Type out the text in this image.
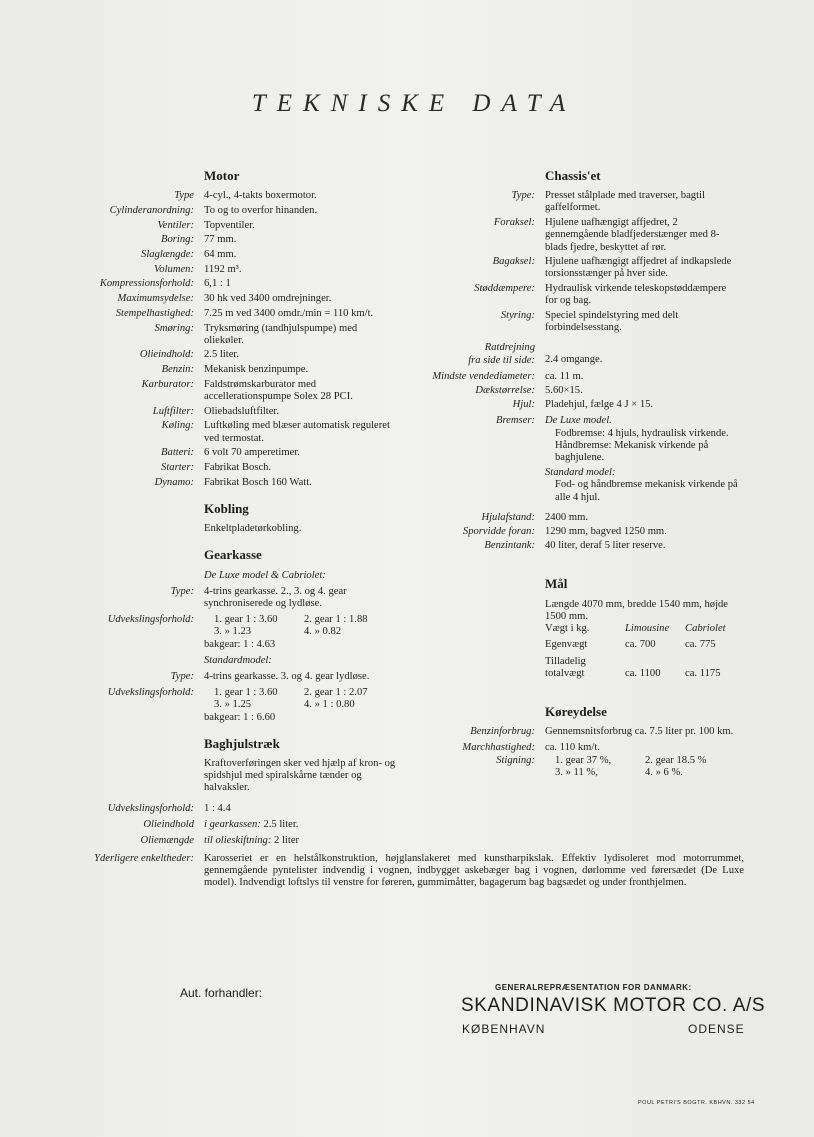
TEKNISKE DATA
Motor
Type 4-cyl., 4-takts boxermotor.
Cylinderanordning: To og to overfor hinanden.
Ventiler: Topventiler.
Boring: 77 mm.
Slaglængde: 64 mm.
Volumen: 1192 m³.
Kompressionsforhold: 6,1 : 1
Maximumsydelse: 30 hk ved 3400 omdrejninger.
Stempelhastighed: 7.25 m ved 3400 omdr./min = 110 km/t.
Smøring: Tryksmøring (tandhjulspumpe) med oliekøler.
Olieindhold: 2.5 liter.
Benzin: Mekanisk benzinpumpe.
Karburator: Faldstrømskarburator med accellerationspumpe Solex 28 PCI.
Luftfilter: Oliebadsluftfilter.
Køling: Luftkøling med blæser automatisk reguleret ved termostat.
Batteri: 6 volt 70 amperetimer.
Starter: Fabrikat Bosch.
Dynamo: Fabrikat Bosch 160 Watt.
Kobling
Enkeltpladetørkobling.
Gearkasse
De Luxe model & Cabriolet:
Type: 4-trins gearkasse. 2., 3. og 4. gear synchroniserede og lydløse.
Udvekslingsforhold:	1. gear 1 : 3.60	2. gear 1 : 1.88
3. » 1.23	4. » 0.82
bakgear: 1 : 4.63
Standardmodel:
Type: 4-trins gearkasse. 3. og 4. gear lydløse.
Udvekslingsforhold:	1. gear 1 : 3.60	2. gear 1 : 2.07
3. » 1.25	4. » 1 : 0.80
bakgear: 1 : 6.60
Baghjulstræk
Kraftoverføringen sker ved hjælp af kron- og spidshjul med spiralskårne tænder og halvaksler.
Udvekslingsforhold: 1 : 4.4
Olieindhold i gearkassen: 2.5 liter.
Oliemængde til olieskiftning: 2 liter
Chassis'et
Type: Presset stålplade med traverser, bagtil gaffelformet.
Foraksel: Hjulene uafhængigt affjedret, 2 gennemgående bladfjederstænger med 8-blads fjedre, beskyttet af rør.
Bagaksel: Hjulene uafhængigt affjedret af indkapslede torsionsstænger på hver side.
Støddæmpere: Hydraulisk virkende teleskopstøddæmpere for og bag.
Styring: Speciel spindelstyring med delt forbindelsesstang.
Ratdrejning
fra side til side: 2.4 omgange.
Mindste vendediameter: ca. 11 m.
Dækstørrelse: 5.60×15.
Hjul: Pladehjul, fælge 4 J × 15.
Bremser: De Luxe model.
Fodbremse: 4 hjuls, hydraulisk virkende.
Håndbremse: Mekanisk virkende på baghjulene.
Standard model:
Fod- og håndbremse mekanisk virkende på alle 4 hjul.
Hjulafstand: 2400 mm.
Sporvidde foran: 1290 mm, bagved 1250 mm.
Benzintank: 40 liter, deraf 5 liter reserve.
Mål
Længde 4070 mm, bredde 1540 mm, højde 1500 mm.
Vægt i kg.	Limousine	Cabriolet
Egenvægt	ca. 700	ca. 775
Tilladelig totalvægt	ca. 1100	ca. 1175
Køreydelse
Benzinforbrug: Gennemsnitsforbrug ca. 7.5 liter pr. 100 km.
Marchhastighed: ca. 110 km/t.
Stigning:	1. gear 37 %,	2. gear 18.5 %
3. » 11 %,	4. » 6 %.
Yderligere enkeltheder: Karosseriet er en helstålkonstruktion, højglanslakeret med kunstharpikslak. Effektiv lydisoleret mod motorrummet, gennemgående pyntelister indvendig i vognen, indbygget askebæger bag i vognen, dørlomme ved førersædet (De Luxe model). Indvendigt loftslys til venstre for føreren, gummimåtter, bagagerum bag bagsædet og under fronthjelmen.
Aut. forhandler:	GENERALREPRÆSENTATION FOR DANMARK:
SKANDINAVISK MOTOR CO. A/S
KØBENHAVN	ODENSE
POUL PETRI'S BOGTR. KBHVN. 332 54
